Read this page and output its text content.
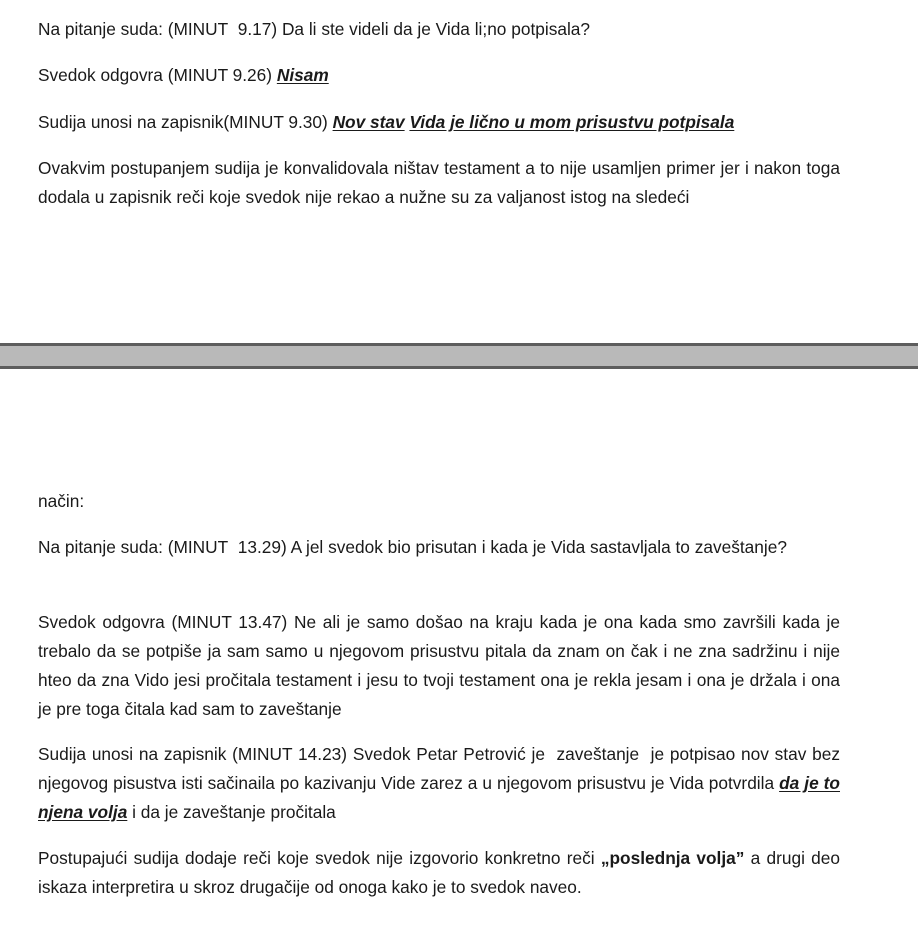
Na pitanje suda: (MINUT  9.17) Da li ste videli da je Vida li;no potpisala?

Svedok odgovra (MINUT 9.26) Nisam

Sudija unosi na zapisnik(MINUT 9.30) Nov stav Vida je lično u mom prisustvu potpisala

Ovakvim postupanjem sudija je konvalidovala ništav testament a to nije usamljen primer jer i nakon toga dodala u zapisnik reči koje svedok nije rekao a nužne su za valjanost istog na sledeći

način:

Na pitanje suda: (MINUT  13.29) A jel svedok bio prisutan i kada je Vida sastavljala to zaveštanje?

Svedok odgovra (MINUT 13.47) Ne ali je samo došao na kraju kada je ona kada smo završili kada je trebalo da se potpiše ja sam samo u njegovom prisustvu pitala da znam on čak i ne zna sadržinu i nije hteo da zna Vido jesi pročitala testament i jesu to tvoji testament ona je rekla jesam i ona je držala i ona je pre toga čitala kad sam to zaveštanje

Sudija unosi na zapisnik (MINUT 14.23) Svedok Petar Petrović je  zaveštanje  je potpisao nov stav bez njegovog pisustva isti sačinaila po kazivanju Vide zarez a u njegovom prisustvu je Vida potvrdila da je to njena volja i da je zaveštanje pročitala

Postupajući sudija dodaje reči koje svedok nije izgovorio konkretno reči „poslednja volja” a drugi deo iskaza interpretira u skroz drugačije od onoga kako je to svedok naveo.
